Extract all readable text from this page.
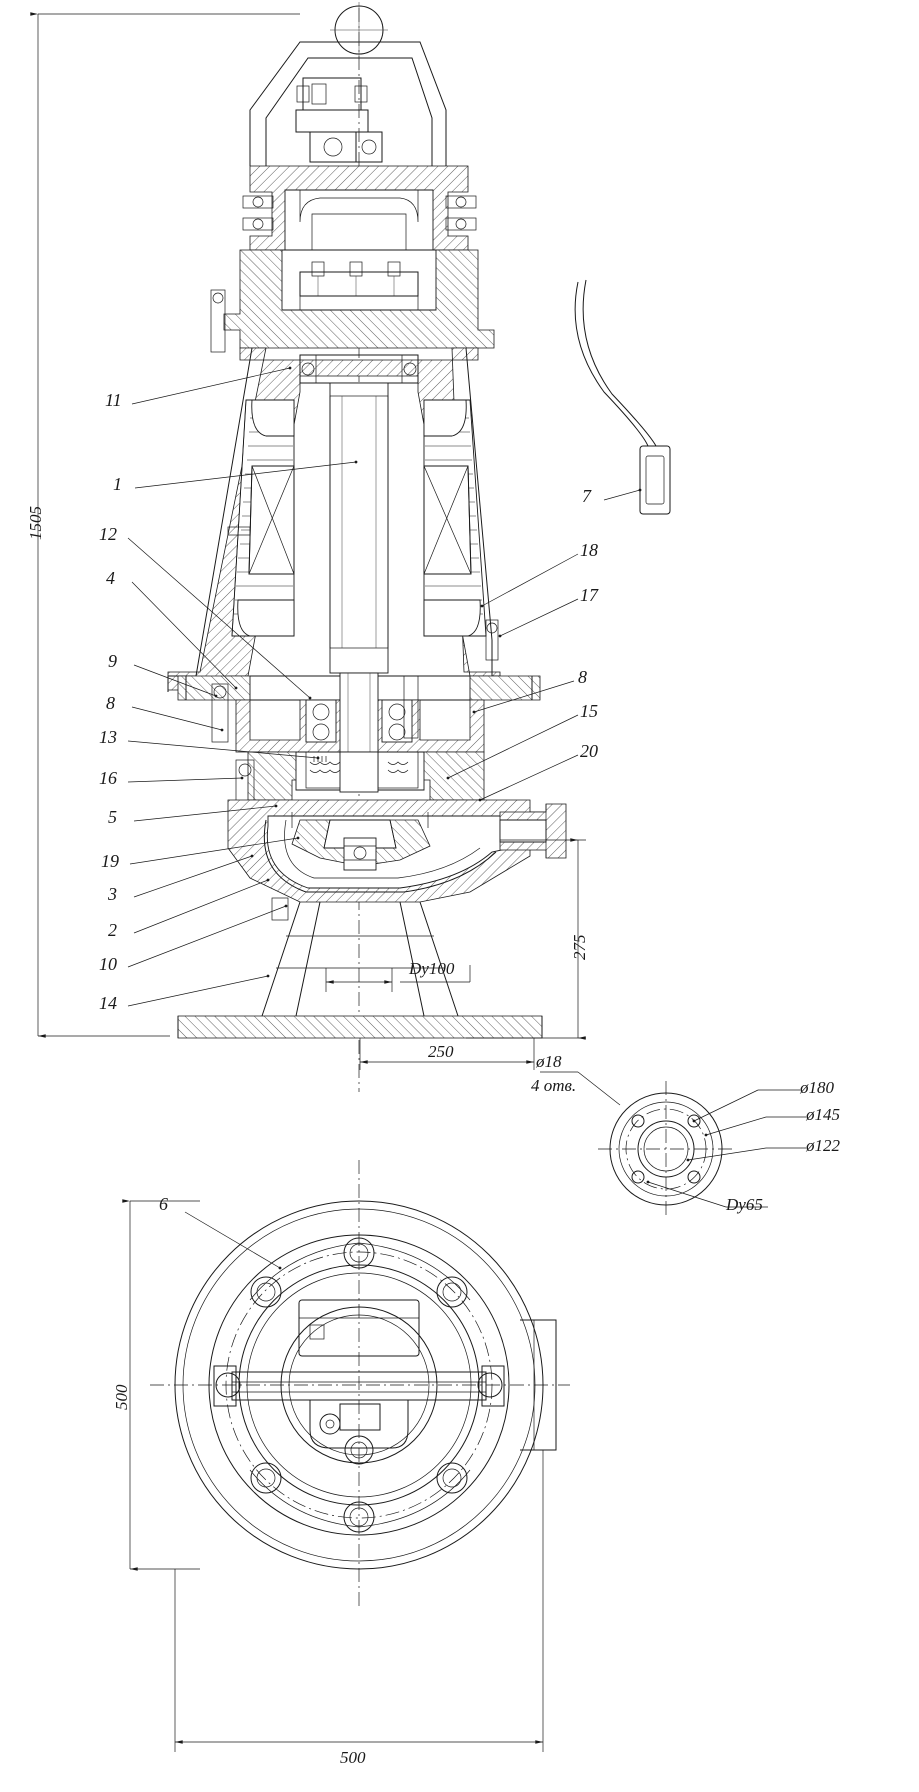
1505
11
1
12
4
9
8
13
16
5
19
3
2
10
14
7
18
17
8
15
20
6
275
250
Dy100
ø18
4 отв.	ø180
ø145
ø122
Dy65
500
500
